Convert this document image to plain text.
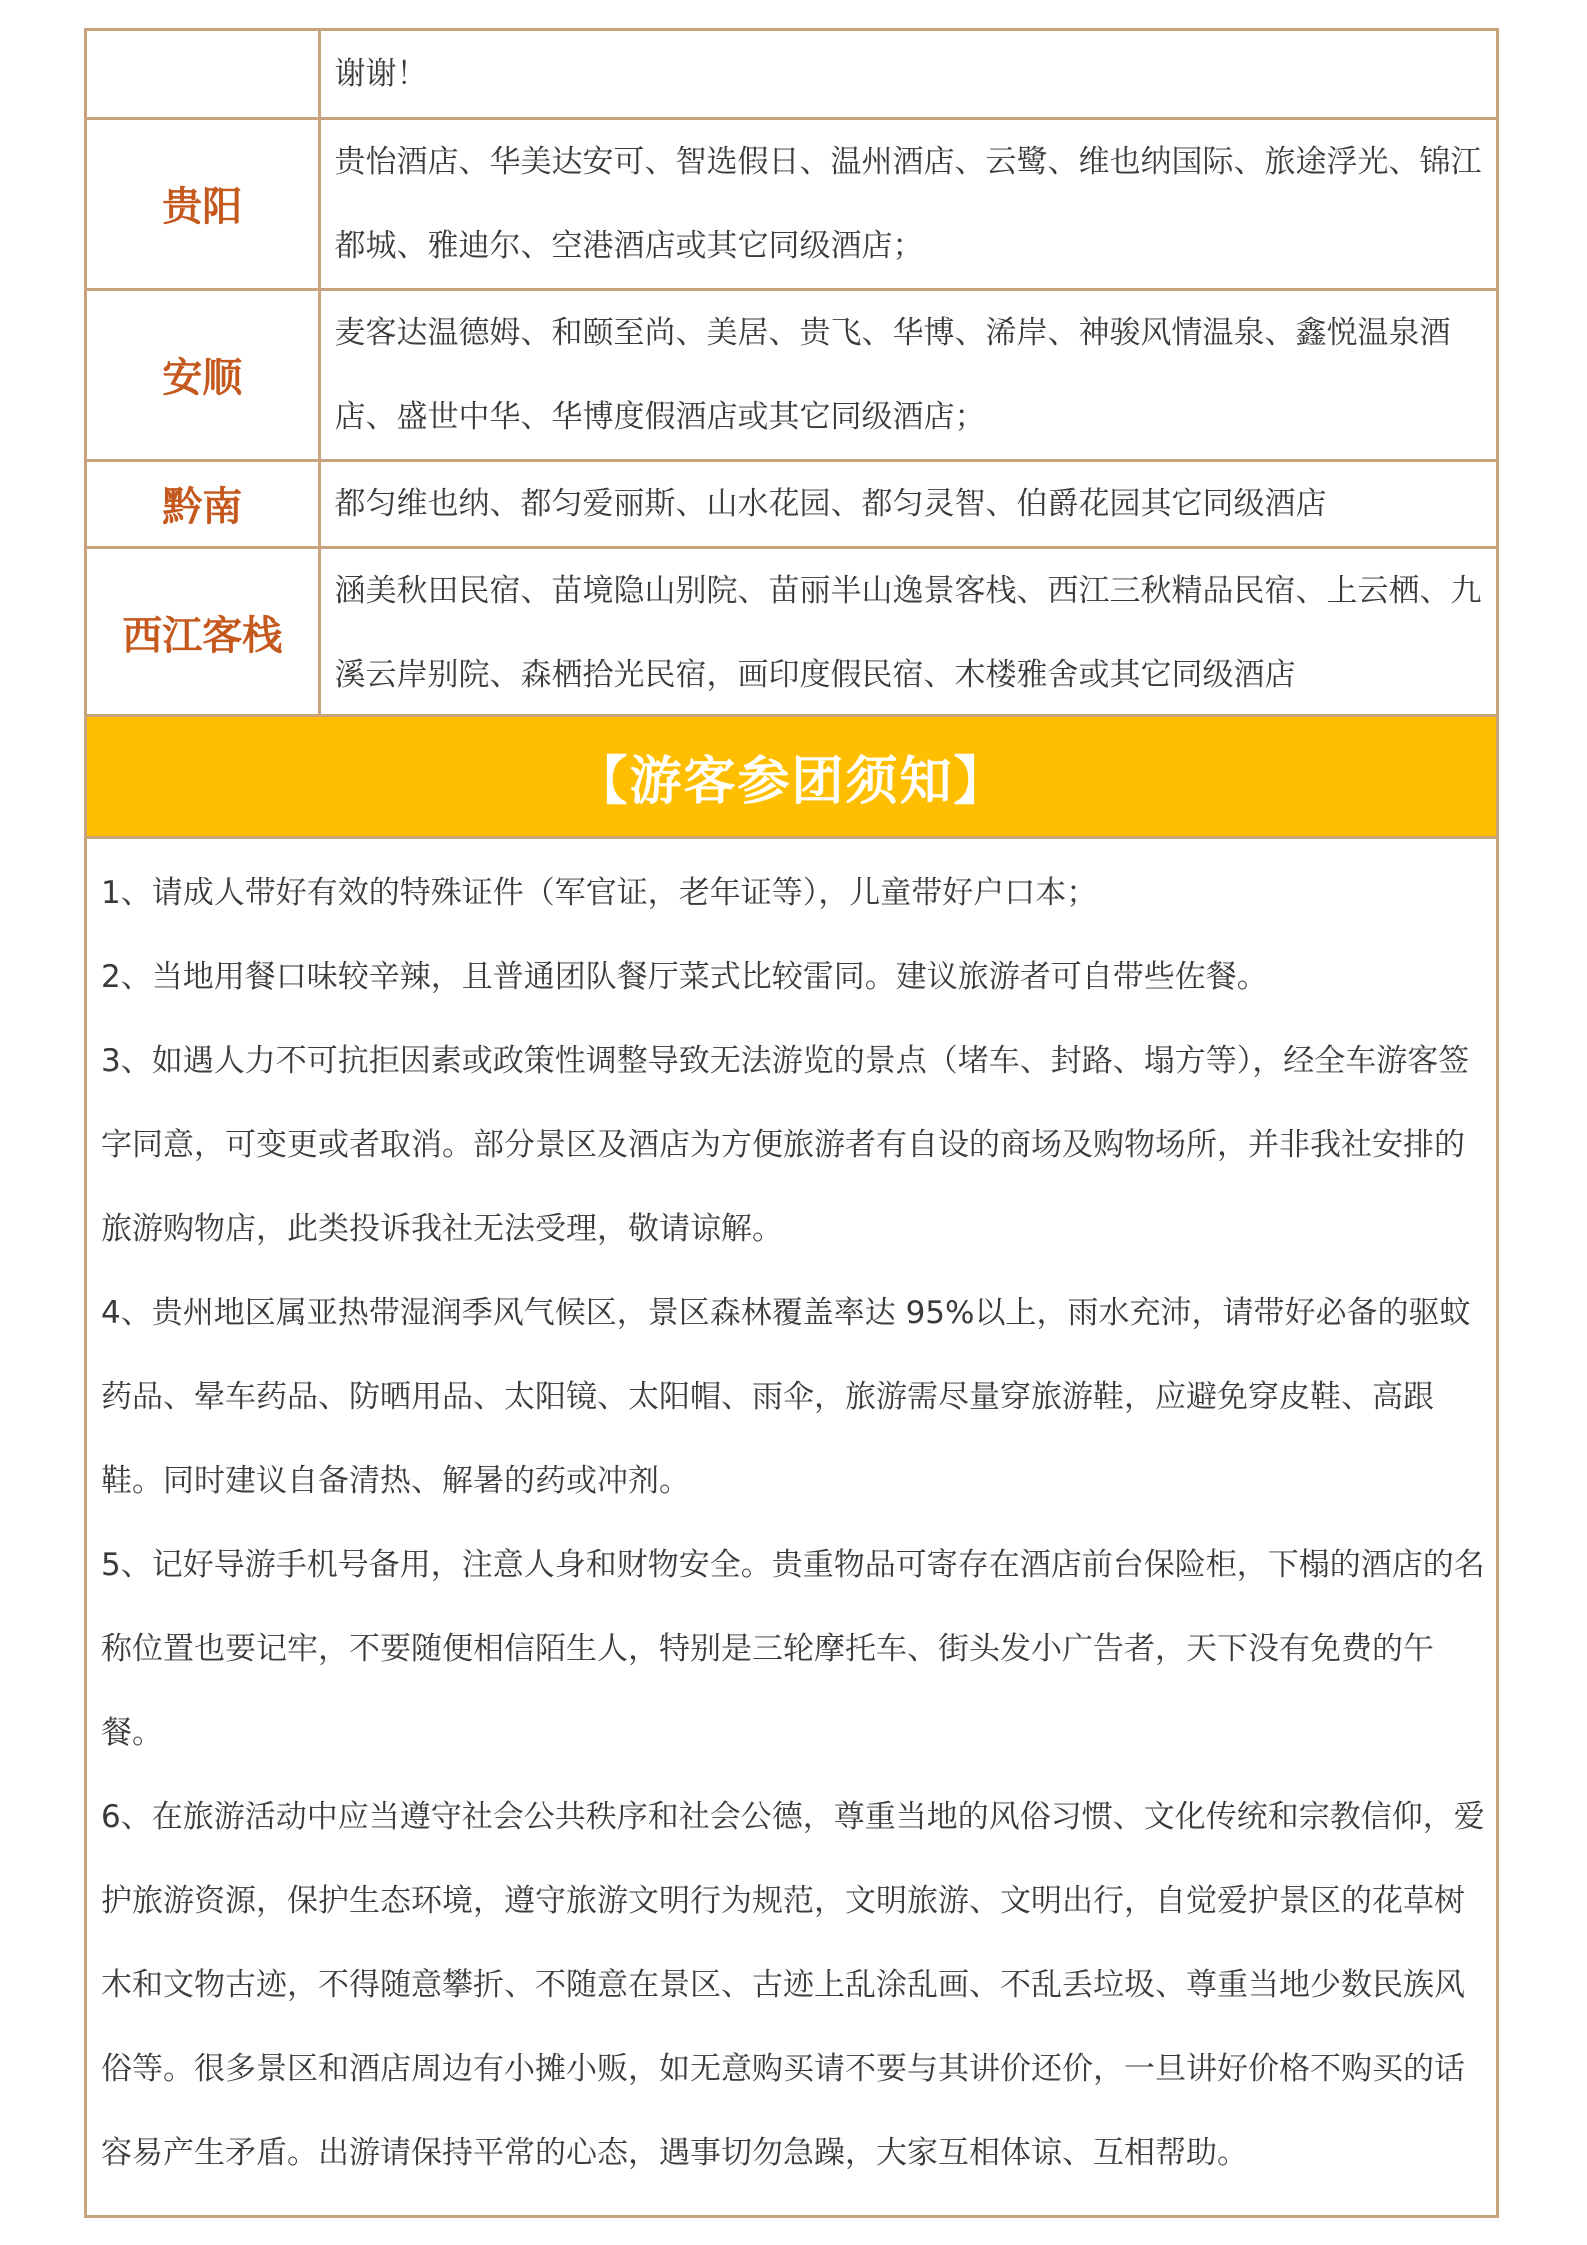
	谢谢！
贵阳	贵怡酒店、华美达安可、智选假日、温州酒店、云鹭、维也纳国际、旅途浮光、锦江都城、雅迪尔、空港酒店或其它同级酒店；
安顺	麦客达温德姆、和颐至尚、美居、贵飞、华博、浠岸、神骏风情温泉、鑫悦温泉酒店、盛世中华、华博度假酒店或其它同级酒店；
黔南	都匀维也纳、都匀爱丽斯、山水花园、都匀灵智、伯爵花园其它同级酒店
西江客栈	涵美秋田民宿、苗境隐山别院、苗丽半山逸景客栈、西江三秋精品民宿、上云栖、九溪云岸别院、森栖拾光民宿，画印度假民宿、木楼雅舍或其它同级酒店
【游客参团须知】

1、请成人带好有效的特殊证件（军官证，老年证等），儿童带好户口本；

2、当地用餐口味较辛辣，且普通团队餐厅菜式比较雷同。建议旅游者可自带些佐餐。

3、如遇人力不可抗拒因素或政策性调整导致无法游览的景点（堵车、封路、塌方等），经全车游客签字同意，可变更或者取消。部分景区及酒店为方便旅游者有自设的商场及购物场所，并非我社安排的旅游购物店，此类投诉我社无法受理，敬请谅解。

4、贵州地区属亚热带湿润季风气候区，景区森林覆盖率达 95%以上，雨水充沛，请带好必备的驱蚊药品、晕车药品、防晒用品、太阳镜、太阳帽、雨伞，旅游需尽量穿旅游鞋，应避免穿皮鞋、高跟鞋。同时建议自备清热、解暑的药或冲剂。

5、记好导游手机号备用，注意人身和财物安全。贵重物品可寄存在酒店前台保险柜，下榻的酒店的名称位置也要记牢，不要随便相信陌生人，特别是三轮摩托车、街头发小广告者，天下没有免费的午餐。

6、在旅游活动中应当遵守社会公共秩序和社会公德，尊重当地的风俗习惯、文化传统和宗教信仰，爱护旅游资源，保护生态环境，遵守旅游文明行为规范，文明旅游、文明出行，自觉爱护景区的花草树木和文物古迹，不得随意攀折、不随意在景区、古迹上乱涂乱画、不乱丢垃圾、尊重当地少数民族风俗等。很多景区和酒店周边有小摊小贩，如无意购买请不要与其讲价还价，一旦讲好价格不购买的话容易产生矛盾。出游请保持平常的心态，遇事切勿急躁，大家互相体谅、互相帮助。
